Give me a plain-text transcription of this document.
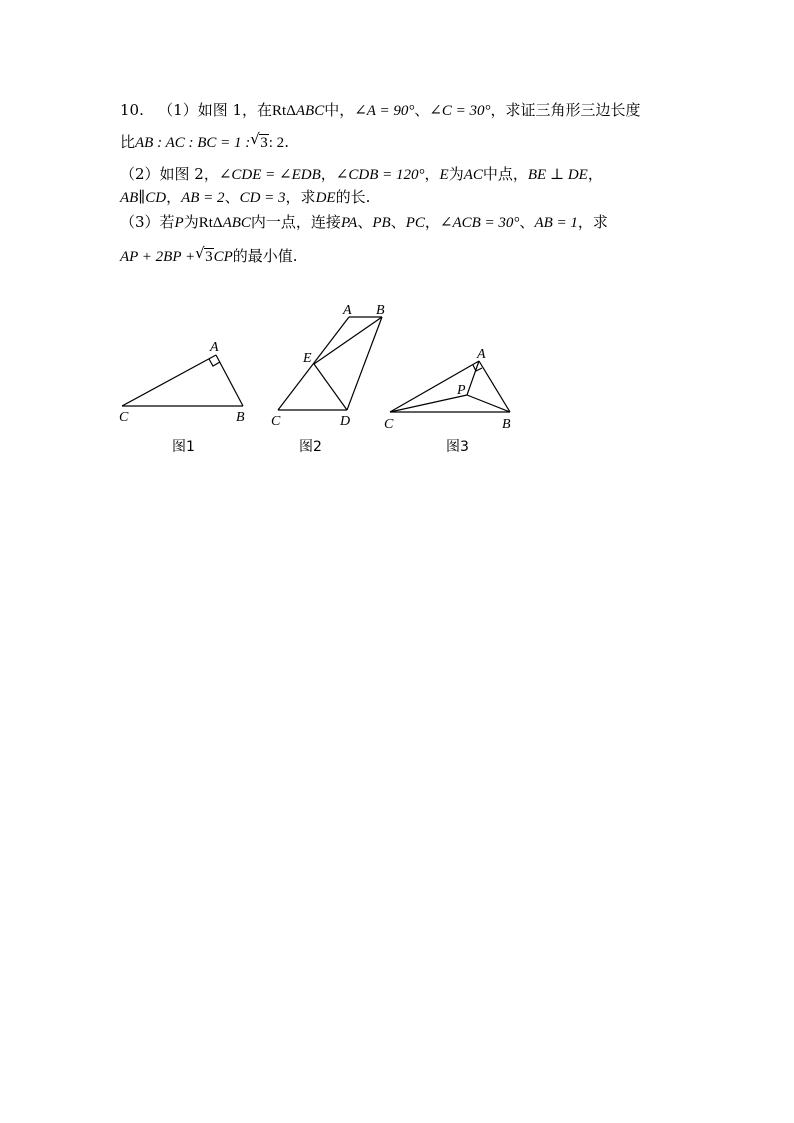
10. （1）如图 1，在RtΔABC中，∠A = 90°、∠C = 30°，求证三角形三边长度
比AB : AC : BC = 1 : √ 3: 2.
（2）如图 2，∠CDE = ∠EDB，∠CDB = 120°，E为AC中点，BE ⊥ DE，
AB∥CD，AB = 2、CD = 3，求DE的长.
（3）若P为RtΔABC内一点，连接PA、PB、PC，∠ACB = 30°、AB = 1，求
AP + 2BP + √ 3CP的最小值.
A
B
C
图1
A B
E
C	D
图2
A
P
C	B
图3
